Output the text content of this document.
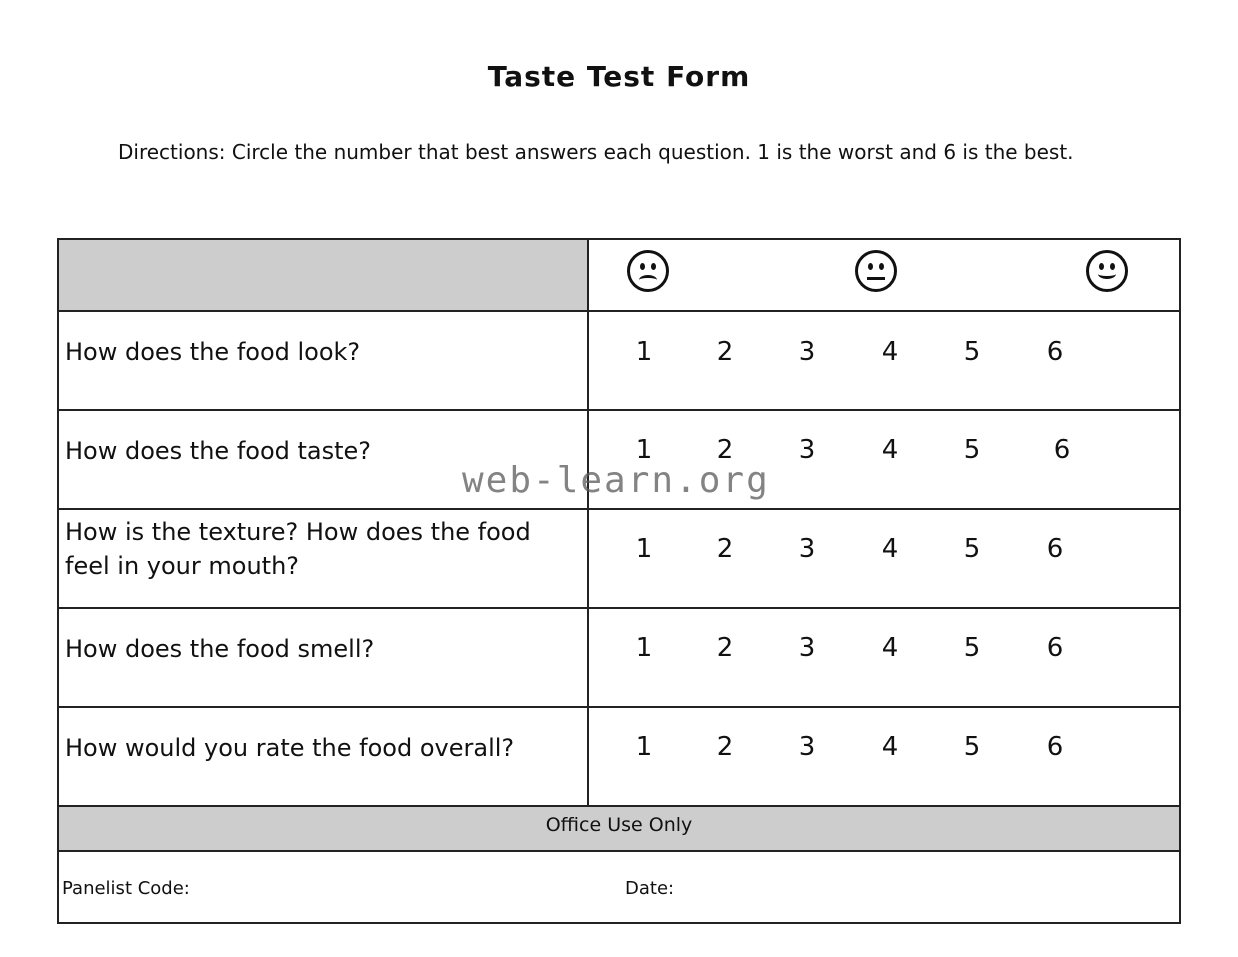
Taste Test Form
Directions: Circle the number that best answers each question. 1 is the worst and 6 is the best.
How does the food look?	1 2	3	4	5	6
How does the food taste?	1 2	3	4	5	6
How is the texture? How does the food feel in your mouth?
1 2	3	4	5	6
How does the food smell?	1 2	3	4	5	6
How would you rate the food overall?	1 2	3	4	5	6
Office Use Only
Panelist Code:	Date:
web-learn.org
